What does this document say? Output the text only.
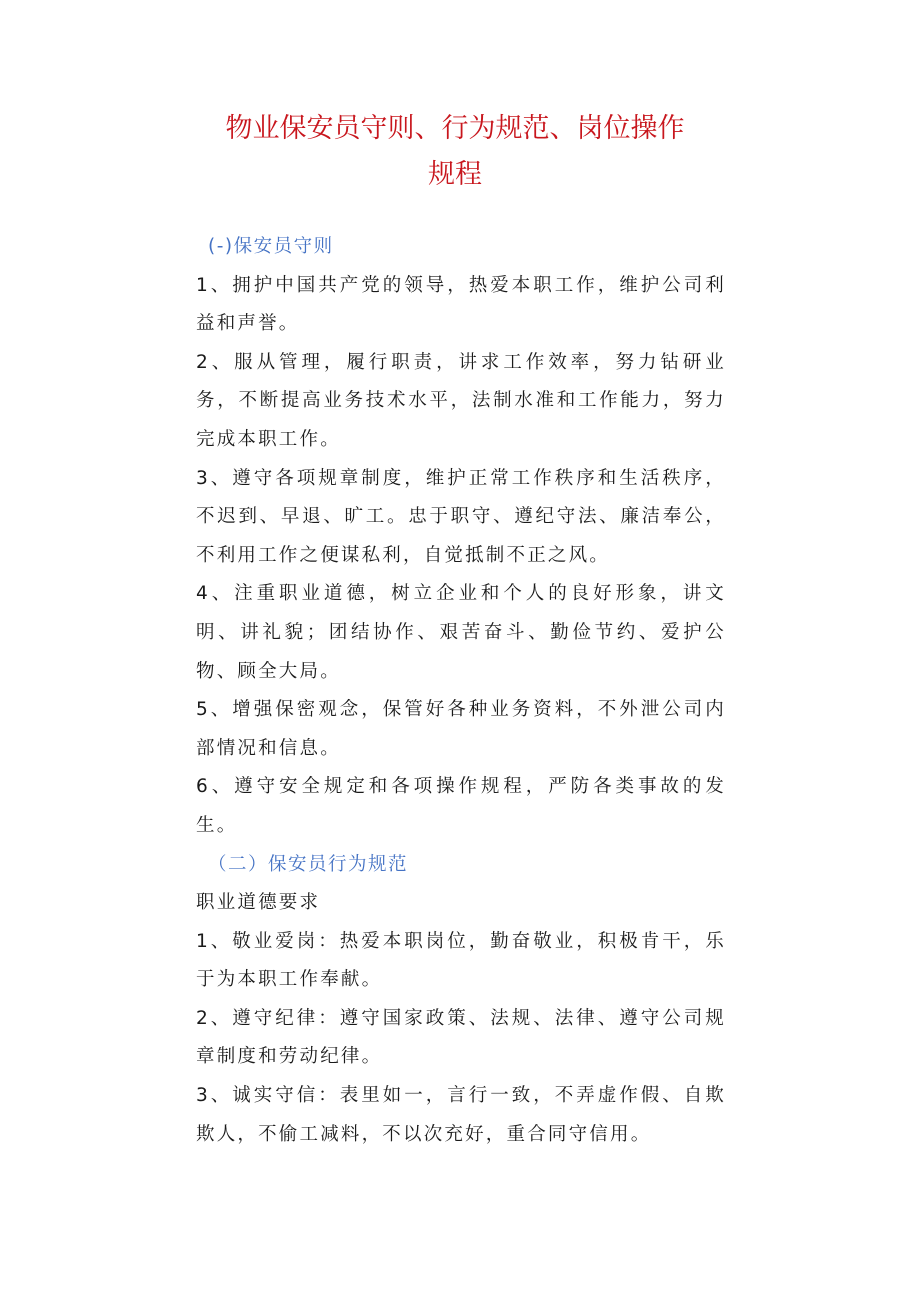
物业保安员守则、行为规范、岗位操作
规程

(-)保安员守则

1、拥护中国共产党的领导，热爱本职工作，维护公司利益和声誉。

2、服从管理，履行职责，讲求工作效率，努力钻研业务，不断提高业务技术水平，法制水准和工作能力，努力完成本职工作。

3、遵守各项规章制度，维护正常工作秩序和生活秩序，不迟到、早退、旷工。忠于职守、遵纪守法、廉洁奉公，不利用工作之便谋私利，自觉抵制不正之风。

4、注重职业道德，树立企业和个人的良好形象，讲文明、讲礼貌；团结协作、艰苦奋斗、勤俭节约、爱护公物、顾全大局。

5、增强保密观念，保管好各种业务资料，不外泄公司内部情况和信息。

6、遵守安全规定和各项操作规程，严防各类事故的发生。

（二）保安员行为规范

职业道德要求

1、敬业爱岗：热爱本职岗位，勤奋敬业，积极肯干，乐于为本职工作奉献。

2、遵守纪律：遵守国家政策、法规、法律、遵守公司规章制度和劳动纪律。

3、诚实守信：表里如一，言行一致，不弄虚作假、自欺欺人，不偷工减料，不以次充好，重合同守信用。
